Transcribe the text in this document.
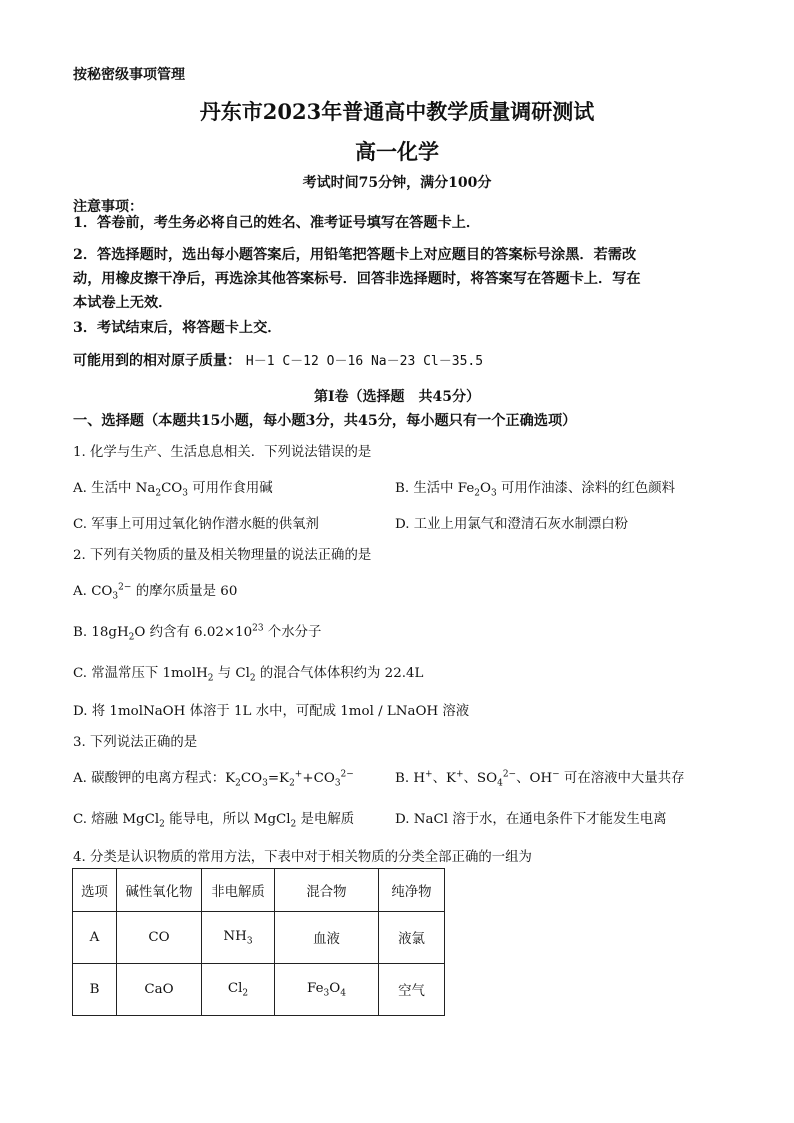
按秘密级事项管理
丹东市2023年普通高中教学质量调研测试
高一化学
考试时间75分钟，满分100分
注意事项：
1．答卷前，考生务必将自己的姓名、准考证号填写在答题卡上．
2．答选择题时，选出每小题答案后，用铅笔把答题卡上对应题目的答案标号涂黑．若需改
动，用橡皮擦干净后，再选涂其他答案标号．回答非选择题时，将答案写在答题卡上．写在
本试卷上无效．
3．考试结束后，将答题卡上交．
可能用到的相对原子质量： H－1 C－12 O－16 Na－23 Cl－35.5
第Ⅰ卷（选择题　共45分）
一、选择题（本题共15小题，每小题3分，共45分，每小题只有一个正确选项）
1. 化学与生产、生活息息相关．下列说法错误的是
A. 生活中 $Na_2CO_3$ 可用作食用碱	B. 生活中 $Fe_2O_3$ 可用作油漆、涂料的红色颜料
C. 军事上可用过氧化钠作潜水艇的供氧剂	D. 工业上用氯气和澄清石灰水制漂白粉
2. 下列有关物质的量及相关物理量的说法正确的是
A. $CO_3^{2-}$ 的摩尔质量是 60
B. $18gH_2O$ 约含有 $6.02\times 10^{23}$ 个水分子
C. 常温常压下 1molH$_2$ 与 $Cl_2$ 的混合气体体积约为 22.4L
D. 将 1molNaOH 体溶于 1L 水中，可配成 1mol / LNaOH 溶液
3. 下列说法正确的是
A. 碳酸钾的电离方程式：$K_2CO_3=K_2^++CO_3^{2-}$	B. H+、K+、$SO_4^{2-}$、OH− 可在溶液中大量共存
C. 熔融 MgCl$_2$ 能导电，所以 MgCl$_2$ 是电解质	D. NaCl 溶于水，在通电条件下才能发生电离
4. 分类是认识物质的常用方法，下表中对于相关物质的分类全部正确的一组为
选项	碱性氧化物	非电解质	混合物	纯净物
A	CO	$NH_3$	血液	液氯
B	CaO	$Cl_2$	$Fe_3O_4$	空气
